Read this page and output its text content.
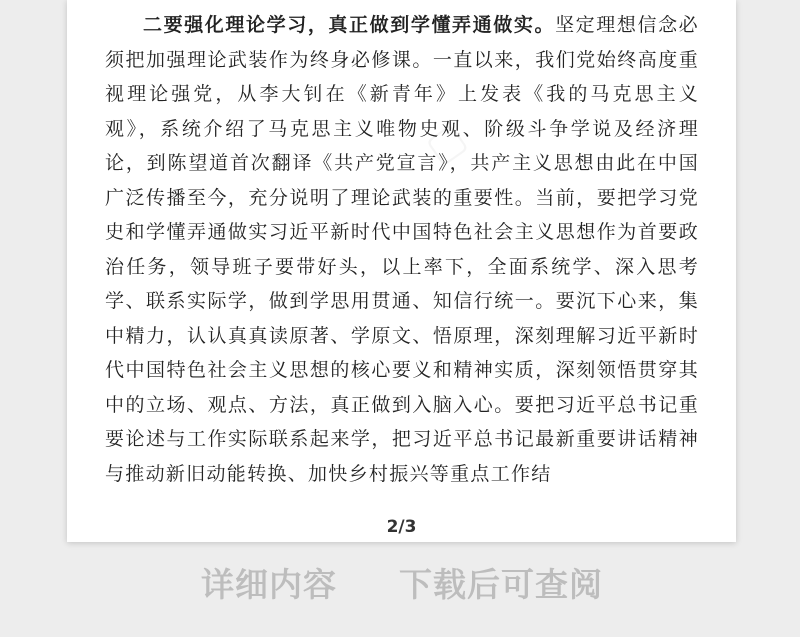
二要强化理论学习，真正做到学懂弄通做实。坚定理想信念必须把加强理论武装作为终身必修课。一直以来，我们党始终高度重视理论强党，从李大钊在《新青年》上发表《我的马克思主义观》，系统介绍了马克思主义唯物史观、阶级斗争学说及经济理论，到陈望道首次翻译《共产党宣言》，共产主义思想由此在中国广泛传播至今，充分说明了理论武装的重要性。当前，要把学习党史和学懂弄通做实习近平新时代中国特色社会主义思想作为首要政治任务，领导班子要带好头，以上率下，全面系统学、深入思考学、联系实际学，做到学思用贯通、知信行统一。要沉下心来，集中精力，认认真真读原著、学原文、悟原理，深刻理解习近平新时代中国特色社会主义思想的核心要义和精神实质，深刻领悟贯穿其中的立场、观点、方法，真正做到入脑入心。要把习近平总书记重要论述与工作实际联系起来学，把习近平总书记最新重要讲话精神与推动新旧动能转换、加快乡村振兴等重点工作结

2/3
详细内容 下载后可查阅
